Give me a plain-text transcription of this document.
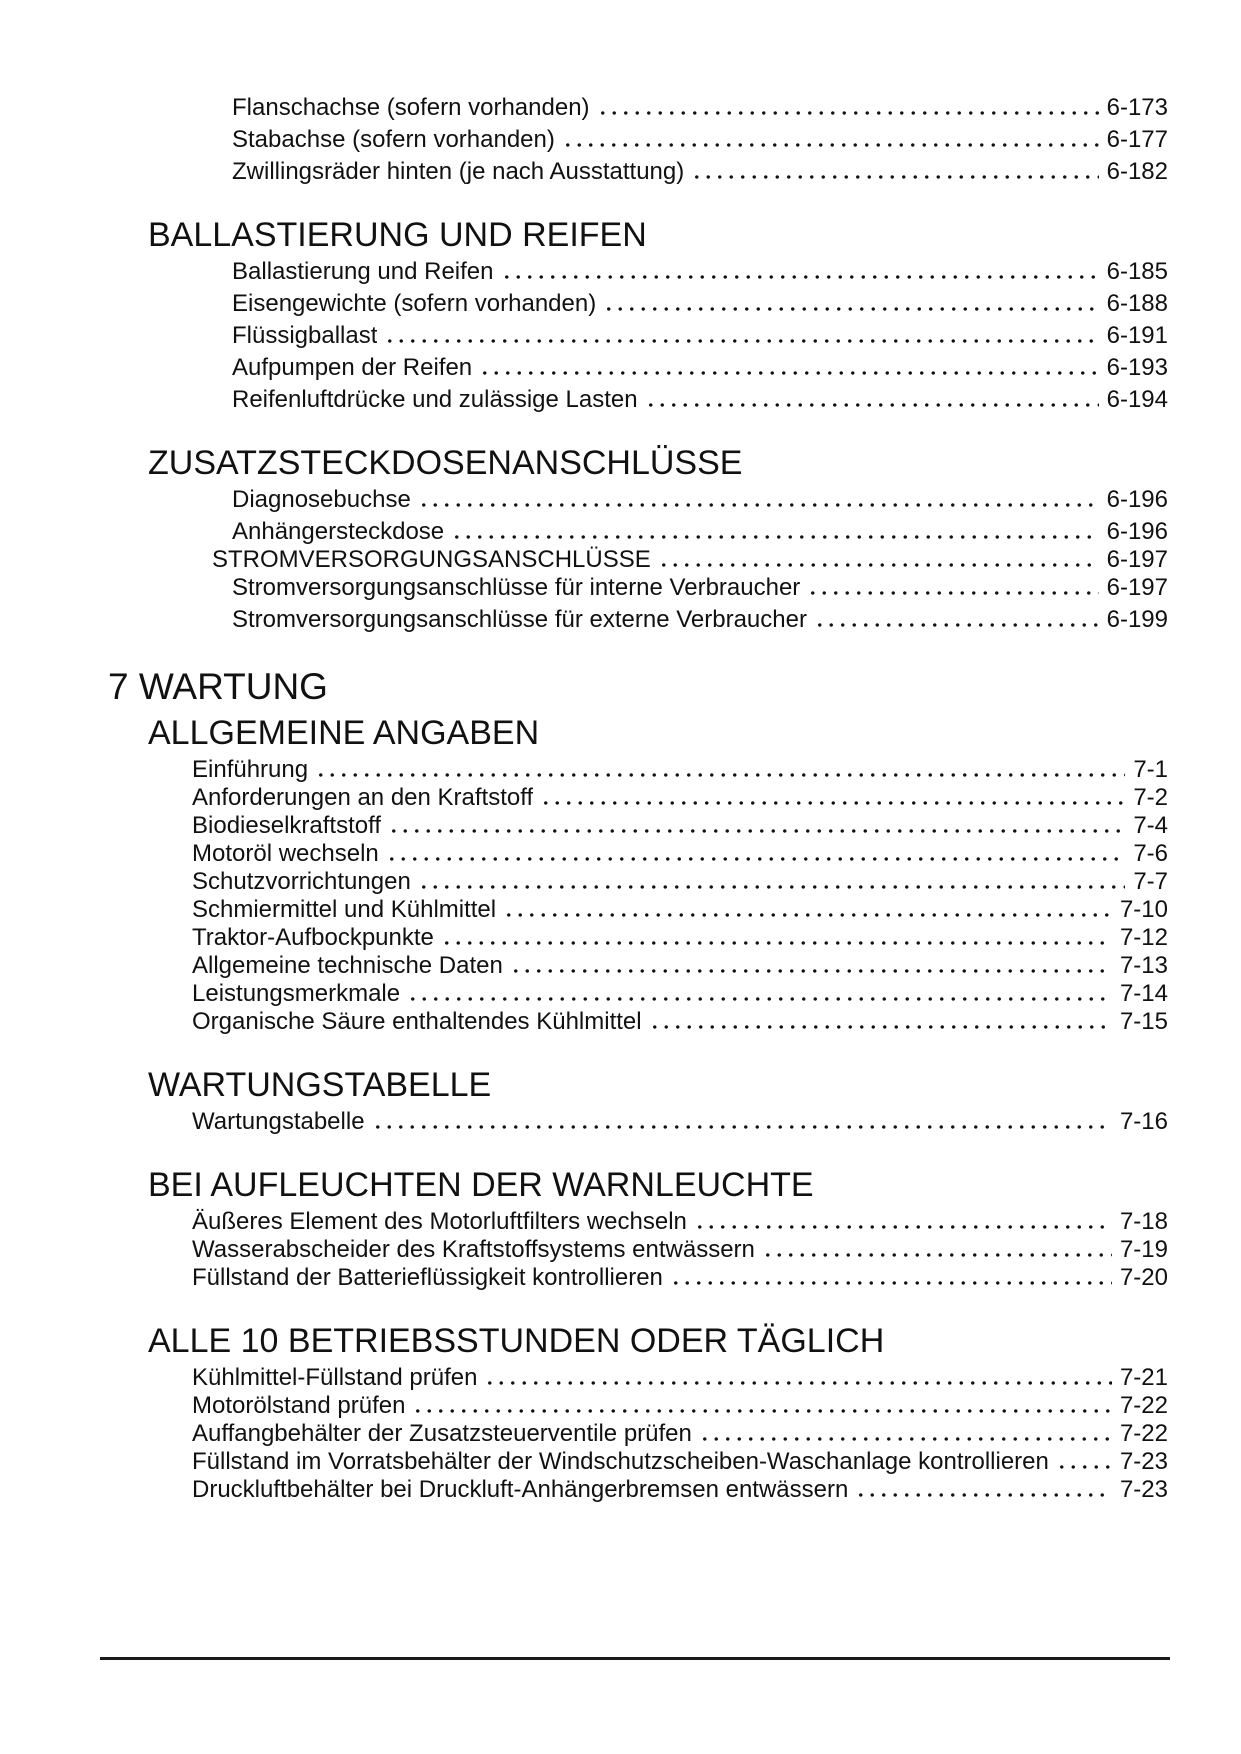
Flanschachse (sofern vorhanden)	6-173
Stabachse (sofern vorhanden)	6-177
Zwillingsräder hinten (je nach Ausstattung)	6-182
BALLASTIERUNG UND REIFEN
Ballastierung und Reifen	6-185
Eisengewichte (sofern vorhanden)	6-188
Flüssigballast	6-191
Aufpumpen der Reifen	6-193
Reifenluftdrücke und zulässige Lasten	6-194
ZUSATZSTECKDOSENANSCHLÜSSE
Diagnosebuchse	6-196
Anhängersteckdose	6-196
STROMVERSORGUNGSANSCHLÜSSE	6-197
Stromversorgungsanschlüsse für interne Verbraucher	6-197
Stromversorgungsanschlüsse für externe Verbraucher	6-199
7 WARTUNG
ALLGEMEINE ANGABEN
Einführung	7-1
Anforderungen an den Kraftstoff	7-2
Biodieselkraftstoff	7-4
Motoröl wechseln	7-6
Schutzvorrichtungen	7-7
Schmiermittel und Kühlmittel	7-10
Traktor-Aufbockpunkte	7-12
Allgemeine technische Daten	7-13
Leistungsmerkmale	7-14
Organische Säure enthaltendes Kühlmittel	7-15
WARTUNGSTABELLE
Wartungstabelle	7-16
BEI AUFLEUCHTEN DER WARNLEUCHTE
Äußeres Element des Motorluftfilters wechseln	7-18
Wasserabscheider des Kraftstoffsystems entwässern	7-19
Füllstand der Batterieflüssigkeit kontrollieren	7-20
ALLE 10 BETRIEBSSTUNDEN ODER TÄGLICH
Kühlmittel-Füllstand prüfen	7-21
Motorölstand prüfen	7-22
Auffangbehälter der Zusatzsteuerventile prüfen	7-22
Füllstand im Vorratsbehälter der Windschutzscheiben-Waschanlage kontrollieren	7-23
Druckluftbehälter bei Druckluft-Anhängerbremsen entwässern	7-23
